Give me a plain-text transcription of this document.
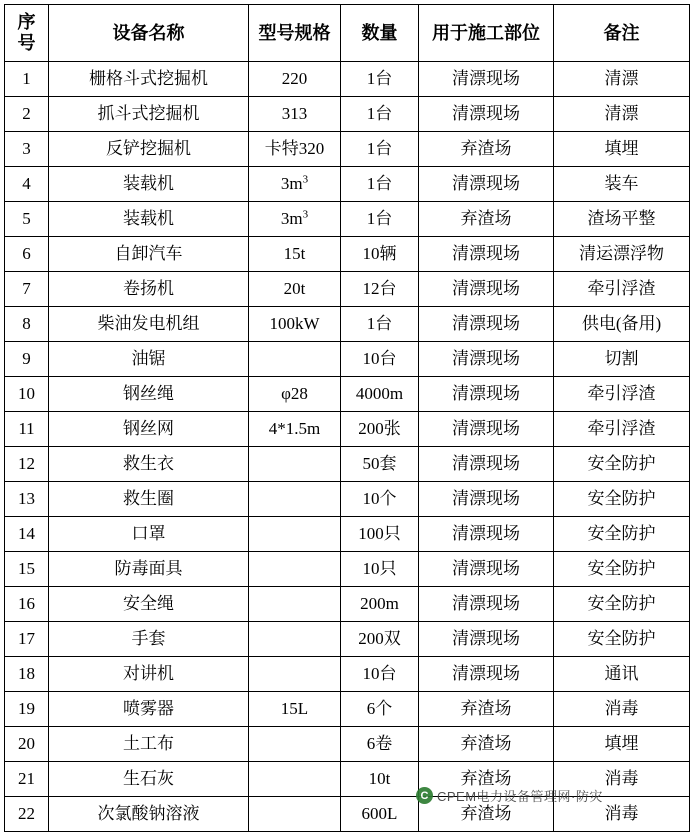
序号	设备名称	型号规格	数量	用于施工部位	备注
1	栅格斗式挖掘机	220	1台	清漂现场	清漂
2	抓斗式挖掘机	313	1台	清漂现场	清漂
3	反铲挖掘机	卡特320	1台	弃渣场	填埋
4	装载机	$3m^3$	1台	清漂现场	装车
5	装载机	$3m^3$	1台	弃渣场	渣场平整
6	自卸汽车	15t	10辆	清漂现场	清运漂浮物
7	卷扬机	20t	12台	清漂现场	牵引浮渣
8	柴油发电机组	100kW	1台	清漂现场	供电(备用)
9	油锯		10台	清漂现场	切割
10	钢丝绳	φ28	4000m	清漂现场	牵引浮渣
11	钢丝网	4*1.5m	200张	清漂现场	牵引浮渣
12	救生衣		50套	清漂现场	安全防护
13	救生圈		10个	清漂现场	安全防护
14	口罩		100只	清漂现场	安全防护
15	防毒面具		10只	清漂现场	安全防护
16	安全绳		200m	清漂现场	安全防护
17	手套		200双	清漂现场	安全防护
18	对讲机		10台	清漂现场	通讯
19	喷雾器	15L	6个	弃渣场	消毒
20	土工布		6卷	弃渣场	填埋
21	生石灰		10t	弃渣场	消毒
22	次氯酸钠溶液		600L	弃渣场	消毒
C CPEM电力设备管理网·防灾
